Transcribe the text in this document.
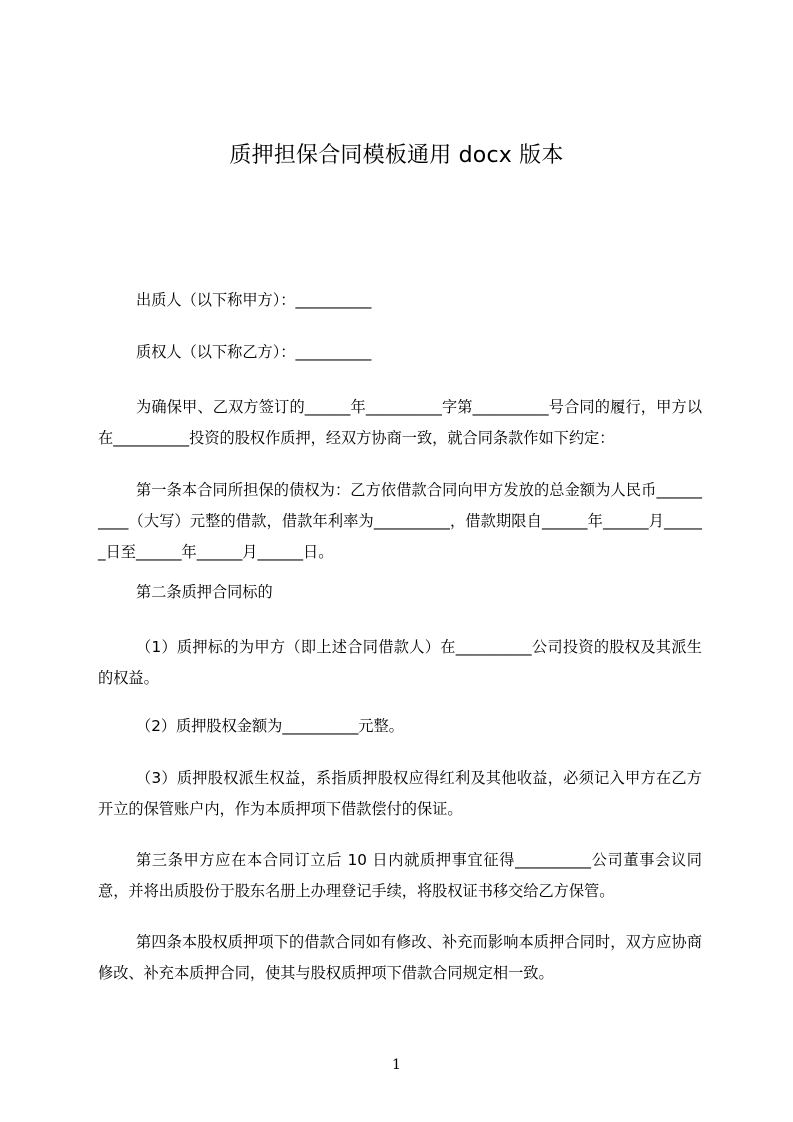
质押担保合同模板通用 docx 版本

出质人（以下称甲方）：__________

质权人（以下称乙方）：__________

为确保甲、乙双方签订的______年__________字第__________号合同的履行，甲方以在__________投资的股权作质押，经双方协商一致，就合同条款作如下约定：

第一条本合同所担保的债权为：乙方依借款合同向甲方发放的总金额为人民币__________（大写）元整的借款，借款年利率为__________，借款期限自______年______月______日至______年______月______日。

第二条质押合同标的

（1）质押标的为甲方（即上述合同借款人）在__________公司投资的股权及其派生的权益。

（2）质押股权金额为__________元整。

（3）质押股权派生权益，系指质押股权应得红利及其他收益，必须记入甲方在乙方开立的保管账户内，作为本质押项下借款偿付的保证。

第三条甲方应在本合同订立后 10 日内就质押事宜征得__________公司董事会议同意，并将出质股份于股东名册上办理登记手续，将股权证书移交给乙方保管。

第四条本股权质押项下的借款合同如有修改、补充而影响本质押合同时，双方应协商修改、补充本质押合同，使其与股权质押项下借款合同规定相一致。

1
